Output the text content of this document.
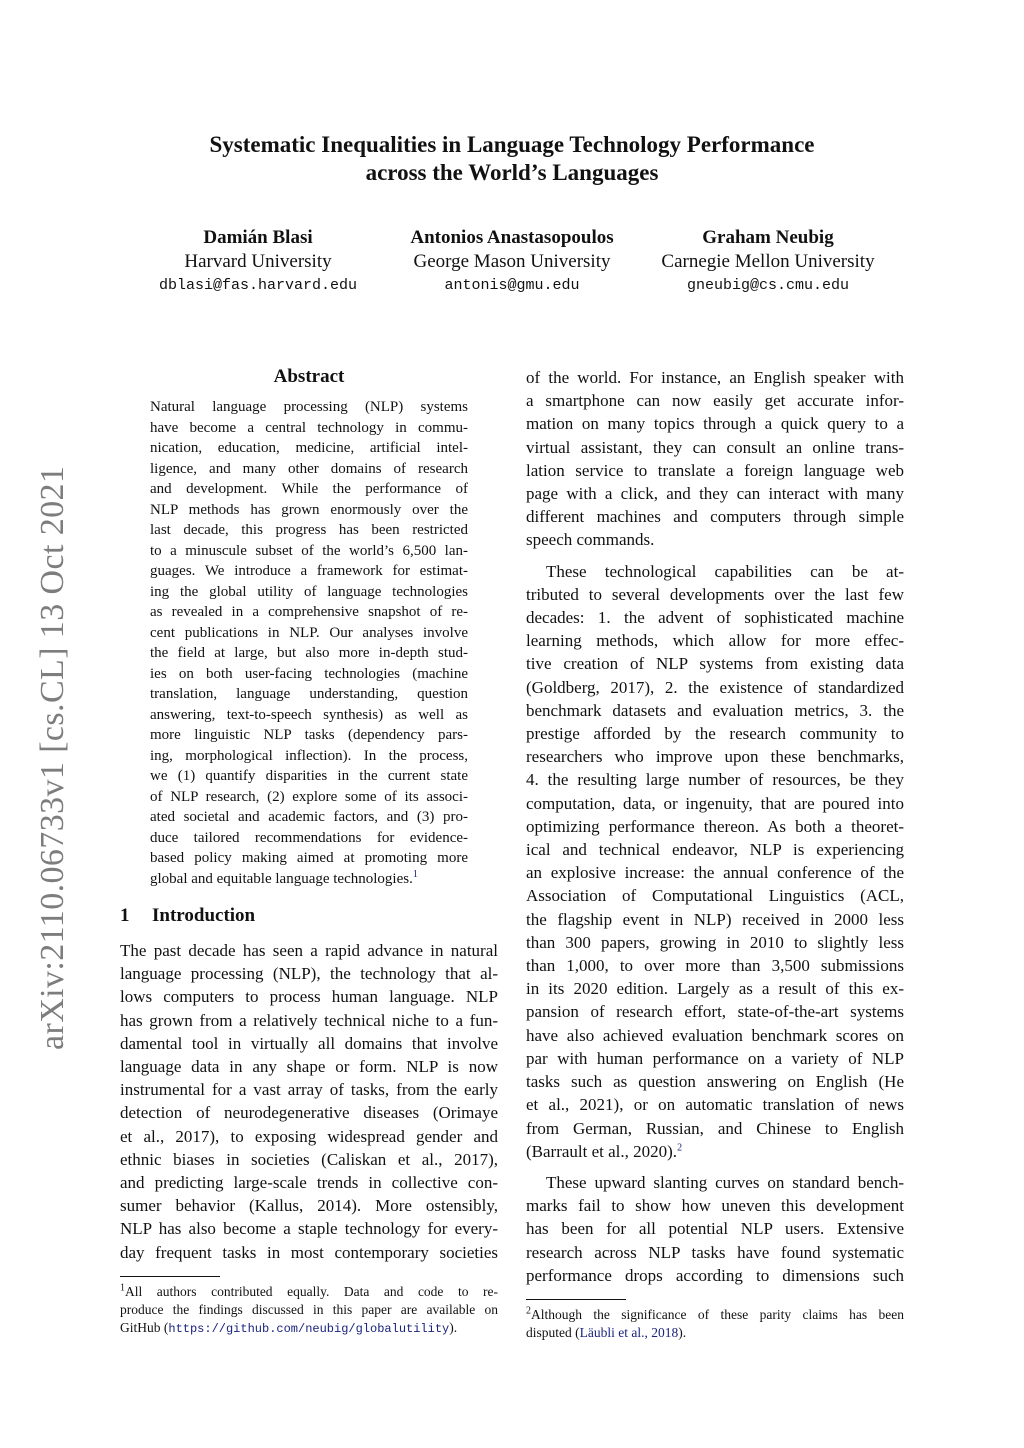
arXiv:2110.06733v1 [cs.CL] 13 Oct 2021
Systematic Inequalities in Language Technology Performance
across the World’s Languages
Damián Blasi
Harvard University
dblasi@fas.harvard.edu
Antonios Anastasopoulos
George Mason University
antonis@gmu.edu
Graham Neubig
Carnegie Mellon University
gneubig@cs.cmu.edu
Abstract
Natural language processing (NLP) systems
have become a central technology in commu-
nication, education, medicine, artificial intel-
ligence, and many other domains of research
and development. While the performance of
NLP methods has grown enormously over the
last decade, this progress has been restricted
to a minuscule subset of the world’s 6,500 lan-
guages. We introduce a framework for estimat-
ing the global utility of language technologies
as revealed in a comprehensive snapshot of re-
cent publications in NLP. Our analyses involve
the field at large, but also more in-depth stud-
ies on both user-facing technologies (machine
translation, language understanding, question
answering, text-to-speech synthesis) as well as
more linguistic NLP tasks (dependency pars-
ing, morphological inflection). In the process,
we (1) quantify disparities in the current state
of NLP research, (2) explore some of its associ-
ated societal and academic factors, and (3) pro-
duce tailored recommendations for evidence-
based policy making aimed at promoting more
global and equitable language technologies.$^1$
1 Introduction
The past decade has seen a rapid advance in natural
language processing (NLP), the technology that al-
lows computers to process human language. NLP
has grown from a relatively technical niche to a fun-
damental tool in virtually all domains that involve
language data in any shape or form. NLP is now
instrumental for a vast array of tasks, from the early
detection of neurodegenerative diseases (Orimaye
et al., 2017), to exposing widespread gender and
ethnic biases in societies (Caliskan et al., 2017),
and predicting large-scale trends in collective con-
sumer behavior (Kallus, 2014). More ostensibly,
NLP has also become a staple technology for every-
day frequent tasks in most contemporary societies
$^1$All authors contributed equally. Data and code to re-
produce the findings discussed in this paper are available on
GitHub (https://github.com/neubig/globalutility).
of the world. For instance, an English speaker with
a smartphone can now easily get accurate infor-
mation on many topics through a quick query to a
virtual assistant, they can consult an online trans-
lation service to translate a foreign language web
page with a click, and they can interact with many
different machines and computers through simple
speech commands.
These technological capabilities can be at-
tributed to several developments over the last few
decades: 1. the advent of sophisticated machine
learning methods, which allow for more effec-
tive creation of NLP systems from existing data
(Goldberg, 2017), 2. the existence of standardized
benchmark datasets and evaluation metrics, 3. the
prestige afforded by the research community to
researchers who improve upon these benchmarks,
4. the resulting large number of resources, be they
computation, data, or ingenuity, that are poured into
optimizing performance thereon. As both a theoret-
ical and technical endeavor, NLP is experiencing
an explosive increase: the annual conference of the
Association of Computational Linguistics (ACL,
the flagship event in NLP) received in 2000 less
than 300 papers, growing in 2010 to slightly less
than 1,000, to over more than 3,500 submissions
in its 2020 edition. Largely as a result of this ex-
pansion of research effort, state-of-the-art systems
have also achieved evaluation benchmark scores on
par with human performance on a variety of NLP
tasks such as question answering on English (He
et al., 2021), or on automatic translation of news
from German, Russian, and Chinese to English
(Barrault et al., 2020).$^2$
These upward slanting curves on standard bench-
marks fail to show how uneven this development
has been for all potential NLP users. Extensive
research across NLP tasks have found systematic
performance drops according to dimensions such
$^2$Although the significance of these parity claims has been
disputed (Läubli et al., 2018).
